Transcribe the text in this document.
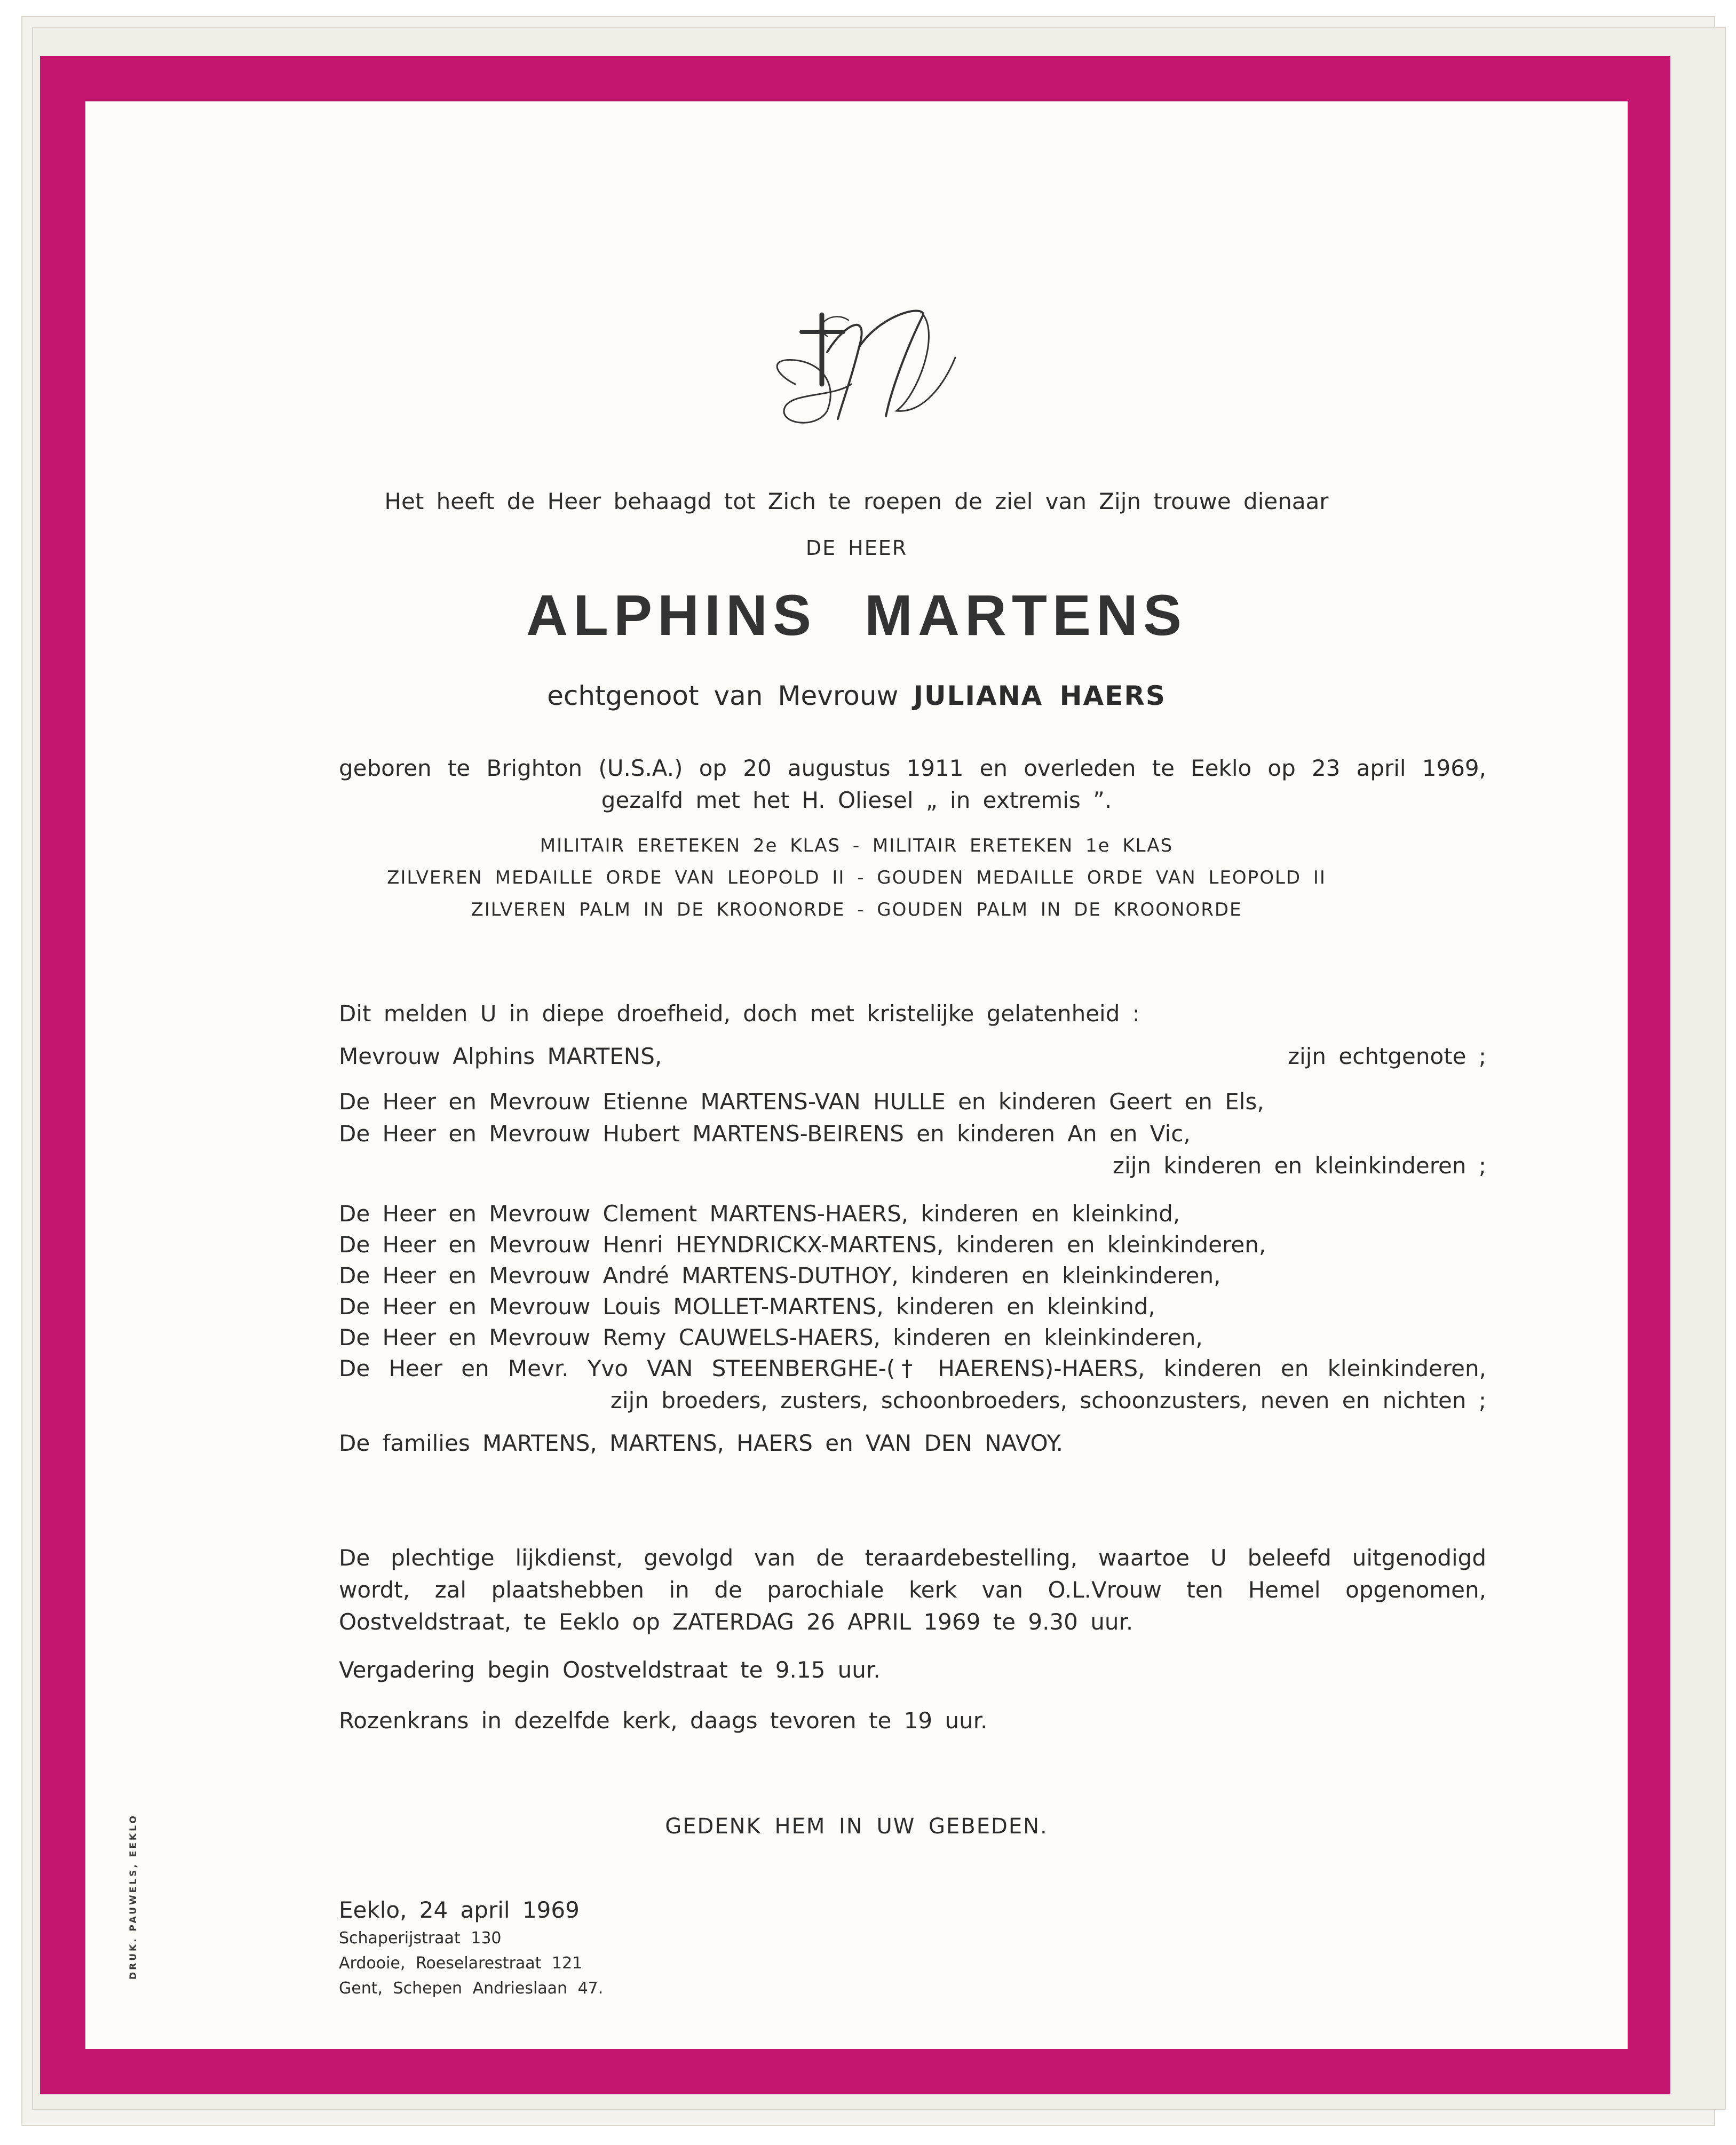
Het heeft de Heer behaagd tot Zich te roepen de ziel van Zijn trouwe dienaar
DE HEER
ALPHINS MARTENS
echtgenoot van Mevrouw JULIANA HAERS
geboren te Brighton (U.S.A.) op 20 augustus 1911 en overleden te Eeklo op 23 april 1969,
gezalfd met het H. Oliesel „ in extremis ”.
MILITAIR ERETEKEN 2e KLAS - MILITAIR ERETEKEN 1e KLAS
ZILVEREN MEDAILLE ORDE VAN LEOPOLD II - GOUDEN MEDAILLE ORDE VAN LEOPOLD II
ZILVEREN PALM IN DE KROONORDE - GOUDEN PALM IN DE KROONORDE
Dit melden U in diepe droefheid, doch met kristelijke gelatenheid :
Mevrouw Alphins MARTENS,	zijn echtgenote ;
De Heer en Mevrouw Etienne MARTENS-VAN HULLE en kinderen Geert en Els,
De Heer en Mevrouw Hubert MARTENS-BEIRENS en kinderen An en Vic,
zijn kinderen en kleinkinderen ;
De Heer en Mevrouw Clement MARTENS-HAERS, kinderen en kleinkind,
De Heer en Mevrouw Henri HEYNDRICKX-MARTENS, kinderen en kleinkinderen,
De Heer en Mevrouw André MARTENS-DUTHOY, kinderen en kleinkinderen,
De Heer en Mevrouw Louis MOLLET-MARTENS, kinderen en kleinkind,
De Heer en Mevrouw Remy CAUWELS-HAERS, kinderen en kleinkinderen,
De Heer en Mevr. Yvo VAN STEENBERGHE-(† HAERENS)-HAERS, kinderen en kleinkinderen,
zijn broeders, zusters, schoonbroeders, schoonzusters, neven en nichten ;
De families MARTENS, MARTENS, HAERS en VAN DEN NAVOY.
De plechtige lijkdienst, gevolgd van de teraardebestelling, waartoe U beleefd uitgenodigd
wordt, zal plaatshebben in de parochiale kerk van O.L.Vrouw ten Hemel opgenomen,
Oostveldstraat, te Eeklo op ZATERDAG 26 APRIL 1969 te 9.30 uur.
Vergadering begin Oostveldstraat te 9.15 uur.
Rozenkrans in dezelfde kerk, daags tevoren te 19 uur.
GEDENK HEM IN UW GEBEDEN.
Eeklo, 24 april 1969
Schaperijstraat 130
Ardooie, Roeselarestraat 121
Gent, Schepen Andrieslaan 47.
DRUK. PAUWELS, EEKLO
